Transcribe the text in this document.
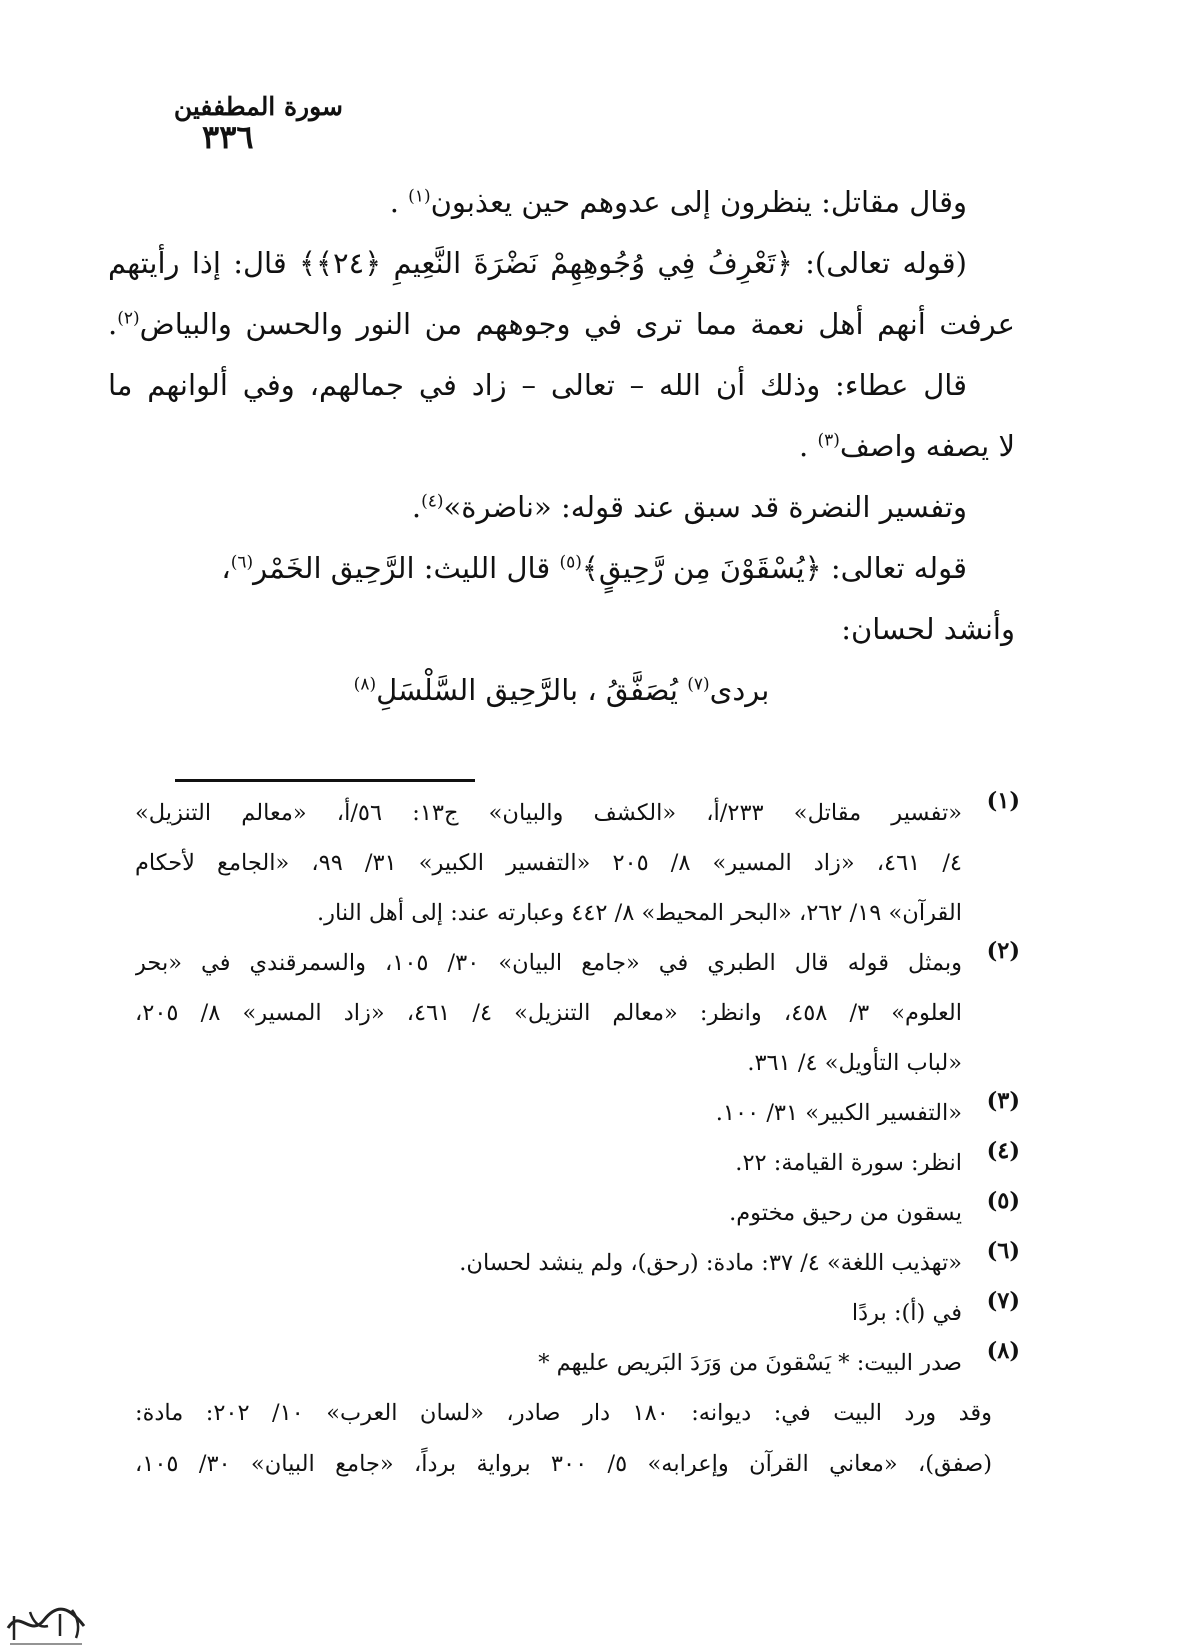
سورة المطففين
٣٣٦
وقال مقاتل: ينظرون إلى عدوهم حين يعذبون$^{(١)}$ .
(قوله تعالى): ﴿تَعْرِفُ فِي وُجُوهِهِمْ نَضْرَةَ النَّعِيمِ ﴿٢٤﴾﴾ قال: إذا رأيتهم
عرفت أنهم أهل نعمة مما ترى في وجوههم من النور والحسن والبياض$^{(٢)}$.
قال عطاء: وذلك أن الله – تعالى – زاد في جمالهم، وفي ألوانهم ما
لا يصفه واصف$^{(٣)}$ .
وتفسير النضرة قد سبق عند قوله: «ناضرة»$^{(٤)}$.
قوله تعالى: ﴿يُسْقَوْنَ مِن رَّحِيقٍ﴾$^{(٥)}$ قال الليث: الرَّحِيق الخَمْر$^{(٦)}$،
وأنشد لحسان:
بردى$^{(٧)}$ يُصَفَّقُ ، بالرَّحِيق السَّلْسَلِ$^{(٨)}$
(١)
«تفسير مقاتل» ٢٣٣/أ، «الكشف والبيان» ج١٣: ٥٦/أ، «معالم التنزيل»
٤/ ٤٦١، «زاد المسير» ٨/ ٢٠٥ «التفسير الكبير» ٣١/ ٩٩، «الجامع لأحكام
القرآن» ١٩/ ٢٦٢، «البحر المحيط» ٨/ ٤٤٢ وعبارته عند: إلى أهل النار.
(٢)
وبمثل قوله قال الطبري في «جامع البيان» ٣٠/ ١٠٥، والسمرقندي في «بحر
العلوم» ٣/ ٤٥٨، وانظر: «معالم التنزيل» ٤/ ٤٦١، «زاد المسير» ٨/ ٢٠٥،
«لباب التأويل» ٤/ ٣٦١.
(٣)
«التفسير الكبير» ٣١/ ١٠٠.
(٤)
انظر: سورة القيامة: ٢٢.
(٥)
يسقون من رحيق مختوم.
(٦)
«تهذيب اللغة» ٤/ ٣٧: مادة: (رحق)، ولم ينشد لحسان.
(٧)
في (أ): بردًا
(٨)
صدر البيت: * يَسْقونَ من وَرَدَ البَريص عليهم *
وقد ورد البيت في: ديوانه: ١٨٠ دار صادر، «لسان العرب» ١٠/ ٢٠٢: مادة:
(صفق)، «معاني القرآن وإعرابه» ٥/ ٣٠٠ برواية برداً، «جامع البيان» ٣٠/ ١٠٥،
